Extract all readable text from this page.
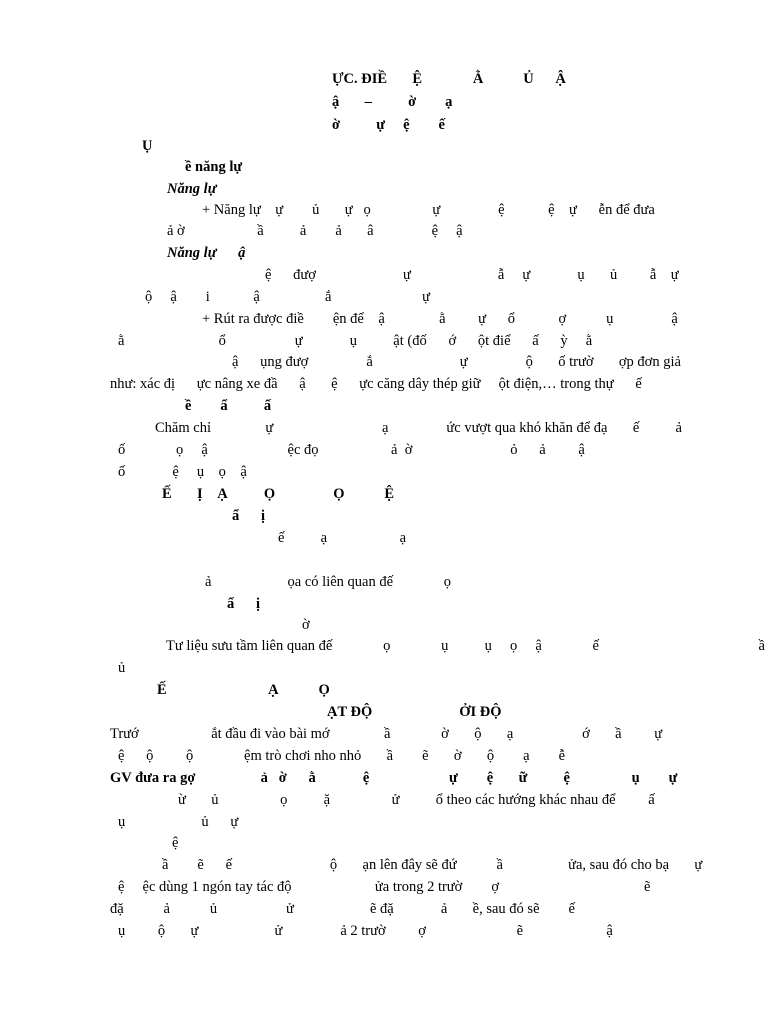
ỰC. ĐIỀ       Ệ              Ằ           Ủ      Ậ
ậ       –          ờ        ạ
ờ          ự     ệ        ế
Ụ
ề năng lự
Năng lự
+ Năng lự    ự        ủ       ự   ọ                 ự                ệ            ệ    ự      ễn để đưa
ả ờ                    ầ          ả        ả       â                ệ     ậ
Năng lự      ậ
ệ      đượ                        ự                        ẫ     ự             ụ       ủ         ẫ    ự
ộ     ậ        i            ậ                  ắ                         ự
+ Rút ra được điề        ện để    ậ               ằ         ự      ổ            ợ           ụ                ậ
ằ                          ổ                   ự             ụ          ật (đố      ớ      ột điể      ấ      ỳ     ằ
ậ      ụng đượ                ắ                        ự                ộ       ố trườ       ợp đơn giả
như: xác đị      ực nâng xe đầ      ậ       ệ      ực căng dây thép giữ     ột điện,… trong thự      ế
ề        ẩ          ấ
Chăm chỉ               ự                              ạ                ức vượt qua khó khăn để đạ       ế          ả
ố              ọ     ậ                      ệc đọ                    ả  ờ                           ỏ      ả         ậ
ố             ệ     ụ    ọ    ậ
Ế       Ị    Ạ          Ọ                Ọ           Ệ
ẩ      ị
ế          ạ                    ạ
ả                     ọa có liên quan đế              ọ
ẩ      ị
ờ
Tư liệu sưu tầm liên quan đế              ọ              ụ          ụ     ọ     ậ              ế                                            ầ
ủ
Ế                            Ạ           Ọ
ẠT ĐỘ                        ỞI ĐỘ
Trướ                    ắt đầu đi vào bài mớ               ầ              ờ       ộ       ạ                   ớ       ầ         ự
ệ      ộ         ộ              ệm trò chơi nho nhỏ       ầ        ẽ       ờ       ộ        ạ        ễ
GV đưa ra gợ                  ả   ờ      ằ             ệ                      ự        ệ       ữ          ệ                 ụ        ự
ừ       ủ                 ọ          ặ                 ử          ổ theo các hướng khác nhau để         ấ
ụ                     ủ      ự
ệ
ầ        ẽ      ế                           ộ       ạn lên đây sẽ đứ           ầ                  ửa, sau đó cho bạ       ự
ệ     ệc dùng 1 ngón tay tác độ                       ửa trong 2 trườ        ợ                                        ẽ
đặ           ả           ủ                   ử                     ẽ đặ             ả       ề, sau đó sẽ        ế
ụ         ộ       ự                     ử                ả 2 trườ         ợ                         ẽ                       ậ
